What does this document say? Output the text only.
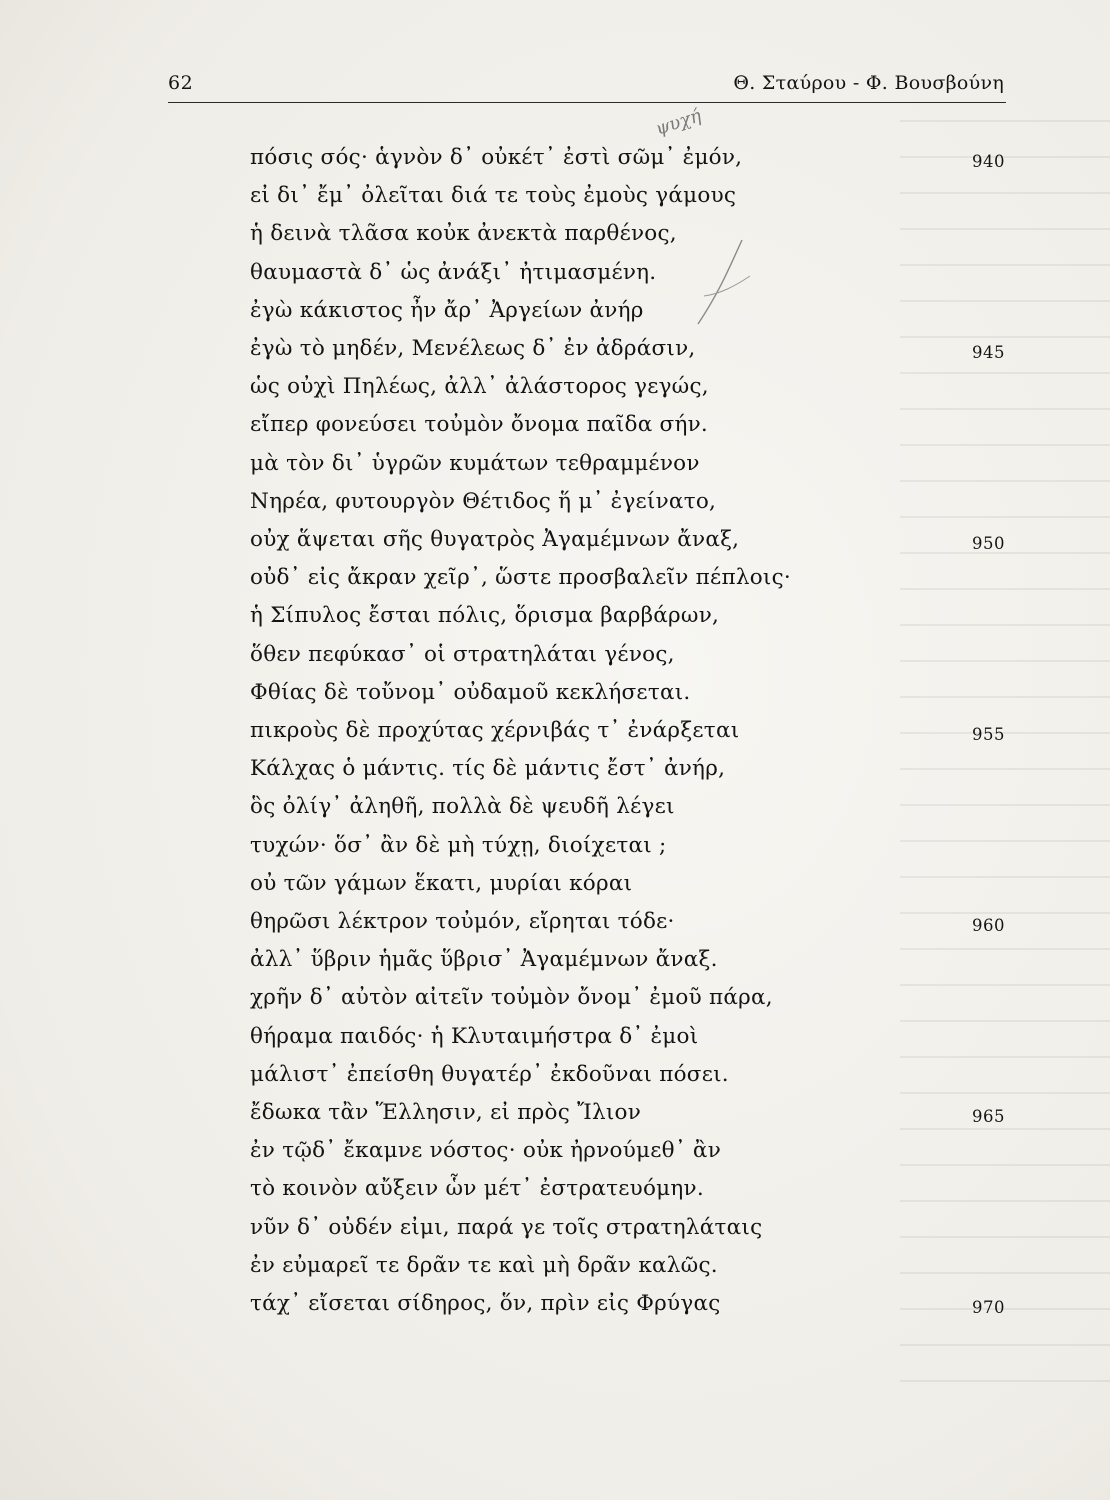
62	Θ. Σταύρου - Φ. Βουσβούνη
ψυχή
πόσις σός· ἁγνὸν δ᾽ οὐκέτ᾽ ἐστὶ σῶμ᾽ ἐμόν,	940
εἰ δι᾽ ἔμ᾽ ὀλεῖται διά τε τοὺς ἐμοὺς γάμους
ἡ δεινὰ τλᾶσα κοὐκ ἀνεκτὰ παρθένος,
θαυμαστὰ δ᾽ ὡς ἀνάξι᾽ ἠτιμασμένη.
ἐγὼ κάκιστος ἦν ἄρ᾽ Ἀργείων ἀνήρ
ἐγὼ τὸ μηδέν, Μενέλεως δ᾽ ἐν ἀδράσιν,	945
ὡς οὐχὶ Πηλέως, ἀλλ᾽ ἀλάστορος γεγώς,
εἴπερ φονεύσει τοὐμὸν ὄνομα παῖδα σήν.
μὰ τὸν δι᾽ ὑγρῶν κυμάτων τεθραμμένον
Νηρέα, φυτουργὸν Θέτιδος ἥ μ᾽ ἐγείνατο,
οὐχ ἅψεται σῆς θυγατρὸς Ἀγαμέμνων ἄναξ,	950
οὐδ᾽ εἰς ἄκραν χεῖρ᾽, ὥστε προσβαλεῖν πέπλοις·
ἡ Σίπυλος ἔσται πόλις, ὅρισμα βαρβάρων,
ὅθεν πεφύκασ᾽ οἱ στρατηλάται γένος,
Φθίας δὲ τοὔνομ᾽ οὐδαμοῦ κεκλήσεται.
πικροὺς δὲ προχύτας χέρνιβάς τ᾽ ἐνάρξεται	955
Κάλχας ὁ μάντις. τίς δὲ μάντις ἔστ᾽ ἀνήρ,
ὃς ὀλίγ᾽ ἀληθῆ, πολλὰ δὲ ψευδῆ λέγει
τυχών· ὅσ᾽ ἂν δὲ μὴ τύχῃ, διοίχεται ;
οὐ τῶν γάμων ἕκατι, μυρίαι κόραι
θηρῶσι λέκτρον τοὐμόν, εἴρηται τόδε·	960
ἀλλ᾽ ὕβριν ἡμᾶς ὕβρισ᾽ Ἀγαμέμνων ἄναξ.
χρῆν δ᾽ αὐτὸν αἰτεῖν τοὐμὸν ὄνομ᾽ ἐμοῦ πάρα,
θήραμα παιδός· ἡ Κλυταιμήστρα δ᾽ ἐμοὶ
μάλιστ᾽ ἐπείσθη θυγατέρ᾽ ἐκδοῦναι πόσει.
ἔδωκα τἂν Ἕλλησιν, εἰ πρὸς Ἴλιον	965
ἐν τῷδ᾽ ἔκαμνε νόστος· οὐκ ἠρνούμεθ᾽ ἂν
τὸ κοινὸν αὔξειν ὧν μέτ᾽ ἐστρατευόμην.
νῦν δ᾽ οὐδέν εἰμι, παρά γε τοῖς στρατηλάταις
ἐν εὐμαρεῖ τε δρᾶν τε καὶ μὴ δρᾶν καλῶς.
τάχ᾽ εἴσεται σίδηρος, ὅν, πρὶν εἰς Φρύγας	970
